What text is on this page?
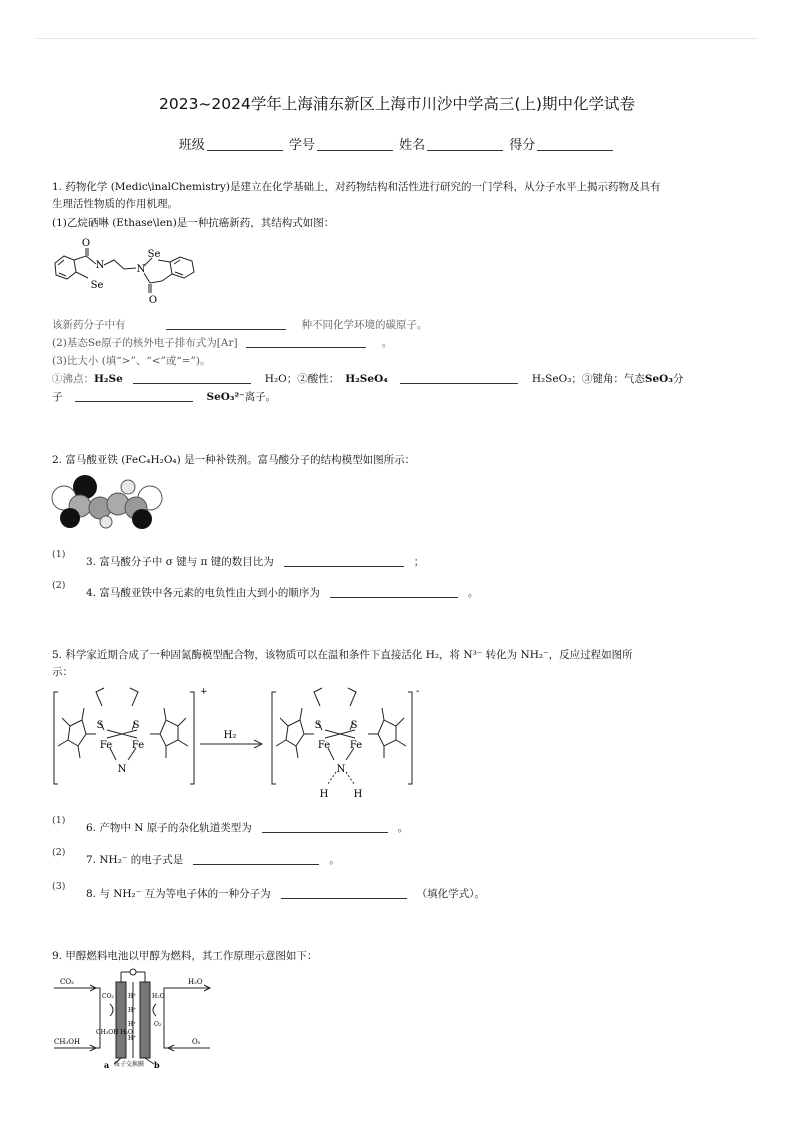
2023~2024学年上海浦东新区上海市川沙中学高三(上)期中化学试卷
班级	学号	姓名	得分
1. 药物化学 (Medic\inalChemistry)是建立在化学基础上，对药物结构和活性进行研究的一门学科，从分子水平上揭示药物及具有
生理活性物质的作用机理。
(1)乙烷硒啉 (Ethase\len)是一种抗癌新药，其结构式如图：
O
N
Se
Se
N
O
该新药分子中有	种不同化学环境的碳原子。
(2)基态Se原子的核外电子排布式为[Ar]	。
(3)比大小 (填“>”、“<”或“=”)。
①沸点：H₂Se	H₂O；②酸性： H₂SeO₄	H₂SeO₃；③键角：气态SeO₃分
子	SeO₃²⁻离子。
2. 富马酸亚铁 (FeC₄H₂O₄) 是一种补铁剂。富马酸分子的结构模型如图所示：
(1)
3. 富马酸分子中 σ 键与 π 键的数目比为	；
(2)
4. 富马酸亚铁中各元素的电负性由大到小的顺序为	。
5. 科学家近期合成了一种固氮酶模型配合物，该物质可以在温和条件下直接活化 H₂，将 N³⁻ 转化为 NH₂⁻，反应过程如图所
示：
+	-
S	S
Fe Fe
N
H₂
S	S
Fe Fe
N
H	H
(1)
6. 产物中 N 原子的杂化轨道类型为	。
(2)
7. NH₂⁻ 的电子式是	。
(3)
8. 与 NH₂⁻ 互为等电子体的一种分子为	（填化学式）。
9. 甲醇燃料电池以甲醇为燃料，其工作原理示意图如下：
CO₂	H₂O
CH₃OH	O₂
CO₂	H₂O
CH₃OH H₂O
O₂
H⁺
H⁺
H⁺
H⁺
a	b
质子交换膜
